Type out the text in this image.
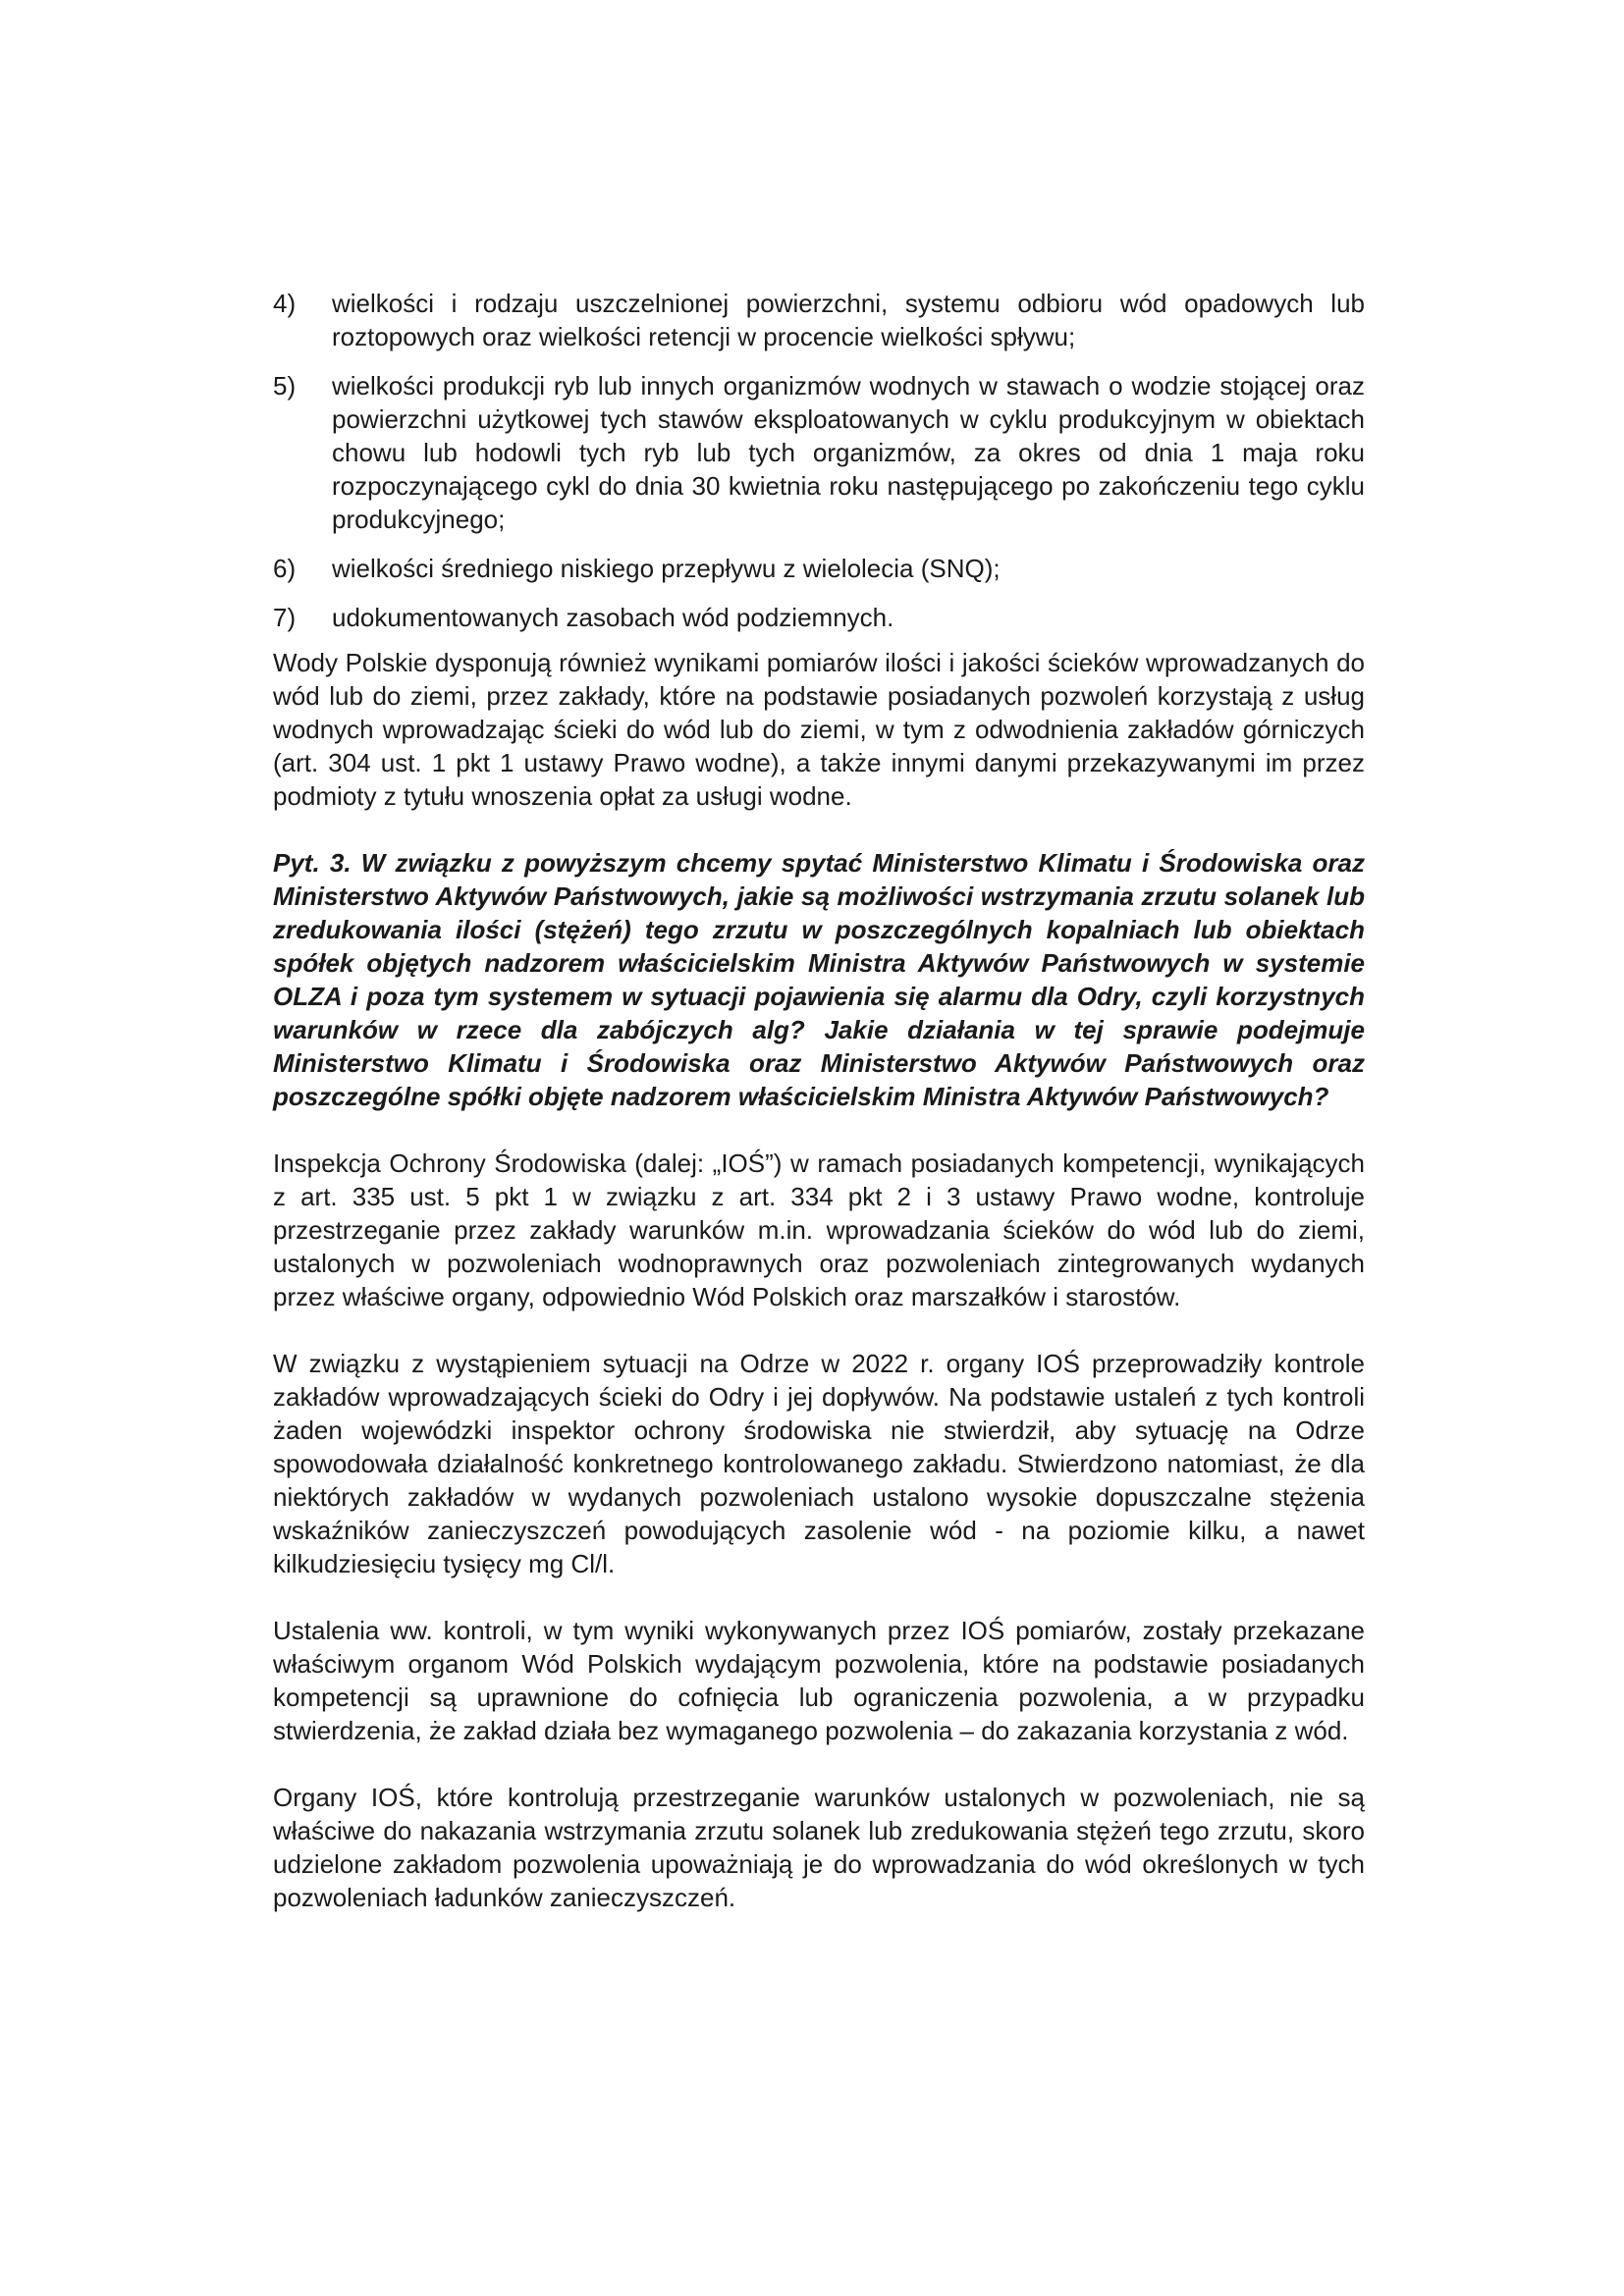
4)	wielkości i rodzaju uszczelnionej powierzchni, systemu odbioru wód opadowych lub roztopowych oraz wielkości retencji w procencie wielkości spływu;
5)	wielkości produkcji ryb lub innych organizmów wodnych w stawach o wodzie stojącej oraz powierzchni użytkowej tych stawów eksploatowanych w cyklu produkcyjnym w obiektach chowu lub hodowli tych ryb lub tych organizmów, za okres od dnia 1 maja roku rozpoczynającego cykl do dnia 30 kwietnia roku następującego po zakończeniu tego cyklu produkcyjnego;
6)	wielkości średniego niskiego przepływu z wielolecia (SNQ);
7)	udokumentowanych zasobach wód podziemnych.

Wody Polskie dysponują również wynikami pomiarów ilości i jakości ścieków wprowadzanych do wód lub do ziemi, przez zakłady, które na podstawie posiadanych pozwoleń korzystają z usług wodnych wprowadzając ścieki do wód lub do ziemi, w tym z odwodnienia zakładów górniczych (art. 304 ust. 1 pkt 1 ustawy Prawo wodne), a także innymi danymi przekazywanymi im przez podmioty z tytułu wnoszenia opłat za usługi wodne.

Pyt. 3. W związku z powyższym chcemy spytać Ministerstwo Klimatu i Środowiska oraz Ministerstwo Aktywów Państwowych, jakie są możliwości wstrzymania zrzutu solanek lub zredukowania ilości (stężeń) tego zrzutu w poszczególnych kopalniach lub obiektach spółek objętych nadzorem właścicielskim Ministra Aktywów Państwowych w systemie OLZA i poza tym systemem w sytuacji pojawienia się alarmu dla Odry, czyli korzystnych warunków w rzece dla zabójczych alg? Jakie działania w tej sprawie podejmuje Ministerstwo Klimatu i Środowiska oraz Ministerstwo Aktywów Państwowych oraz poszczególne spółki objęte nadzorem właścicielskim Ministra Aktywów Państwowych?

Inspekcja Ochrony Środowiska (dalej: „IOŚ”) w ramach posiadanych kompetencji, wynikających z art. 335 ust. 5 pkt 1 w związku z art. 334 pkt 2 i 3 ustawy Prawo wodne, kontroluje przestrzeganie przez zakłady warunków m.in. wprowadzania ścieków do wód lub do ziemi, ustalonych w pozwoleniach wodnoprawnych oraz pozwoleniach zintegrowanych wydanych przez właściwe organy, odpowiednio Wód Polskich oraz marszałków i starostów.

W związku z wystąpieniem sytuacji na Odrze w 2022 r. organy IOŚ przeprowadziły kontrole zakładów wprowadzających ścieki do Odry i jej dopływów. Na podstawie ustaleń z tych kontroli żaden wojewódzki inspektor ochrony środowiska nie stwierdził, aby sytuację na Odrze spowodowała działalność konkretnego kontrolowanego zakładu. Stwierdzono natomiast, że dla niektórych zakładów w wydanych pozwoleniach ustalono wysokie dopuszczalne stężenia wskaźników zanieczyszczeń powodujących zasolenie wód - na poziomie kilku, a nawet kilkudziesięciu tysięcy mg Cl/l.

Ustalenia ww. kontroli, w tym wyniki wykonywanych przez IOŚ pomiarów, zostały przekazane właściwym organom Wód Polskich wydającym pozwolenia, które na podstawie posiadanych kompetencji są uprawnione do cofnięcia lub ograniczenia pozwolenia, a w przypadku stwierdzenia, że zakład działa bez wymaganego pozwolenia – do zakazania korzystania z wód.

Organy IOŚ, które kontrolują przestrzeganie warunków ustalonych w pozwoleniach, nie są właściwe do nakazania wstrzymania zrzutu solanek lub zredukowania stężeń tego zrzutu, skoro udzielone zakładom pozwolenia upoważniają je do wprowadzania do wód określonych w tych pozwoleniach ładunków zanieczyszczeń.
